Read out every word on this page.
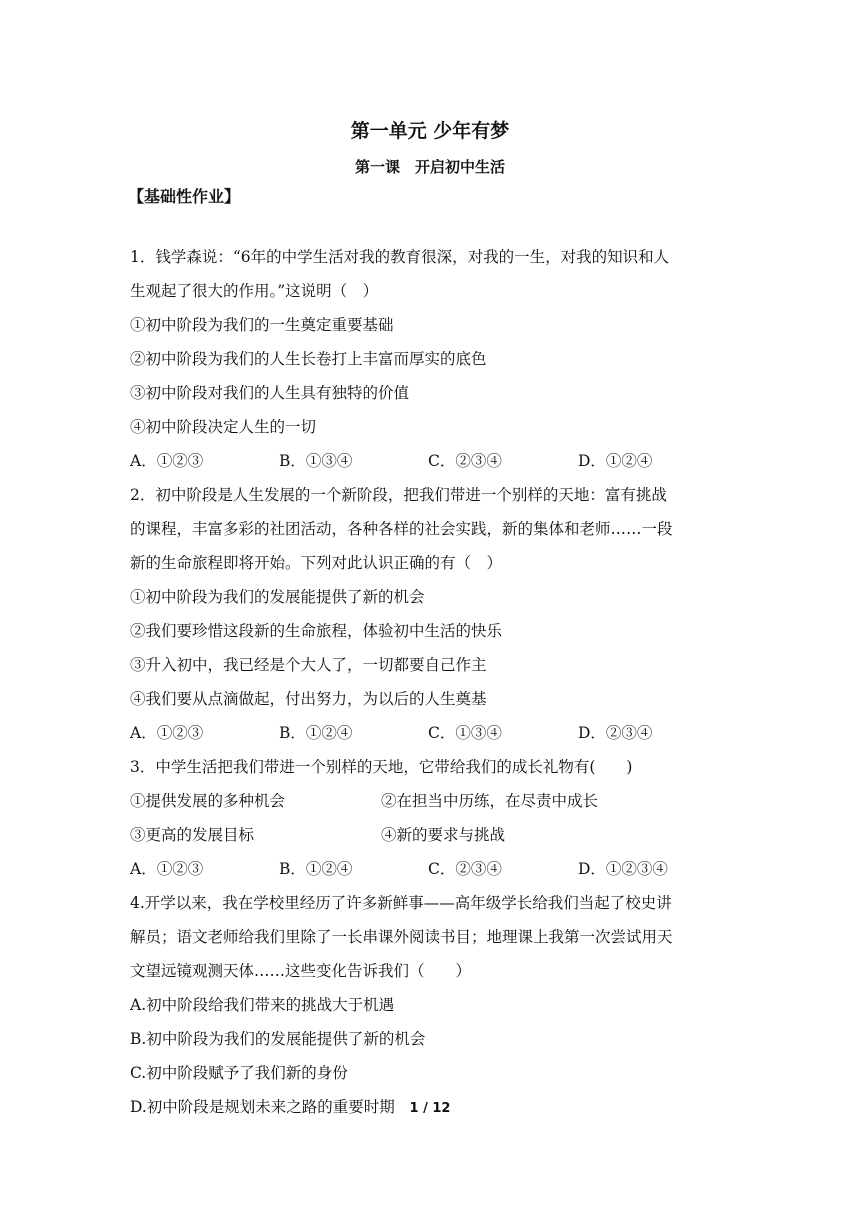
第一单元 少年有梦
第一课　开启初中生活
【基础性作业】
1．钱学森说：“6年的中学生活对我的教育很深，对我的一生，对我的知识和人
生观起了很大的作用。”这说明（　）
①初中阶段为我们的一生奠定重要基础
②初中阶段为我们的人生长卷打上丰富而厚实的底色
③初中阶段对我们的人生具有独特的价值
④初中阶段决定人生的一切
A．①②③	B．①③④	C．②③④	D．①②④
2．初中阶段是人生发展的一个新阶段，把我们带进一个别样的天地：富有挑战
的课程，丰富多彩的社团活动，各种各样的社会实践，新的集体和老师……一段
新的生命旅程即将开始。下列对此认识正确的有（　）
①初中阶段为我们的发展能提供了新的机会
②我们要珍惜这段新的生命旅程，体验初中生活的快乐
③升入初中，我已经是个大人了，一切都要自己作主
④我们要从点滴做起，付出努力，为以后的人生奠基
A．①②③	B．①②④	C．①③④	D．②③④
3．中学生活把我们带进一个别样的天地，它带给我们的成长礼物有(　　)
①提供发展的多种机会	②在担当中历练，在尽责中成长
③更高的发展目标	④新的要求与挑战
A．①②③	B．①②④	C．②③④	D．①②③④
4.开学以来，我在学校里经历了许多新鲜事——高年级学长给我们当起了校史讲
解员；语文老师给我们里除了一长串课外阅读书目；地理课上我第一次尝试用天
文望远镜观测天体……这些变化告诉我们（　　）
A.初中阶段给我们带来的挑战大于机遇
B.初中阶段为我们的发展能提供了新的机会
C.初中阶段赋予了我们新的身份
D.初中阶段是规划未来之路的重要时期	1 / 12
